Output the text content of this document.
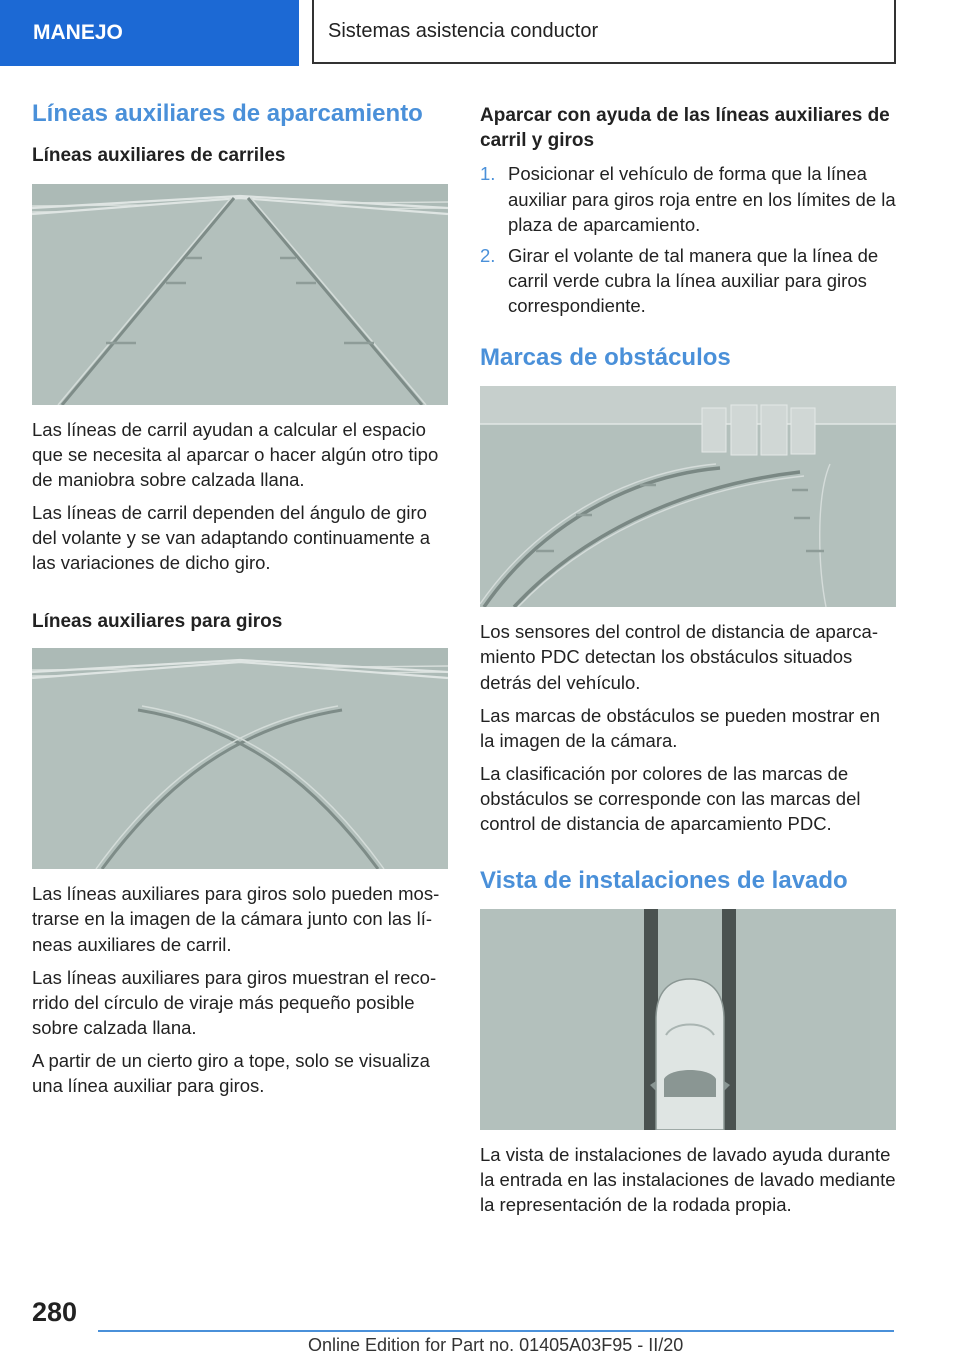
MANEJO	Sistemas asistencia conductor
Líneas auxiliares de aparcamiento
Líneas auxiliares de carriles

Las líneas de carril ayudan a calcular el espacio que se necesita al aparcar o hacer algún otro tipo de maniobra sobre calzada llana.

Las líneas de carril dependen del ángulo de giro del volante y se van adaptando continuamente a las variaciones de dicho giro.

Líneas auxiliares para giros

Las líneas auxiliares para giros solo pueden mostrarse en la imagen de la cámara junto con las líneas auxiliares de carril.

Las líneas auxiliares para giros muestran el recorrido del círculo de viraje más pequeño posible sobre calzada llana.

A partir de un cierto giro a tope, solo se visualiza una línea auxiliar para giros.

Aparcar con ayuda de las líneas auxiliares de carril y giros
1. Posicionar el vehículo de forma que la línea auxiliar para giros roja entre en los límites de la plaza de aparcamiento.
2. Girar el volante de tal manera que la línea de carril verde cubra la línea auxiliar para giros correspondiente.
Marcas de obstáculos

Los sensores del control de distancia de aparcamiento PDC detectan los obstáculos situados detrás del vehículo.

Las marcas de obstáculos se pueden mostrar en la imagen de la cámara.

La clasificación por colores de las marcas de obstáculos se corresponde con las marcas del control de distancia de aparcamiento PDC.

Vista de instalaciones de lavado

La vista de instalaciones de lavado ayuda durante la entrada en las instalaciones de lavado mediante la representación de la rodada propia.

280
Online Edition for Part no. 01405A03F95 - II/20
